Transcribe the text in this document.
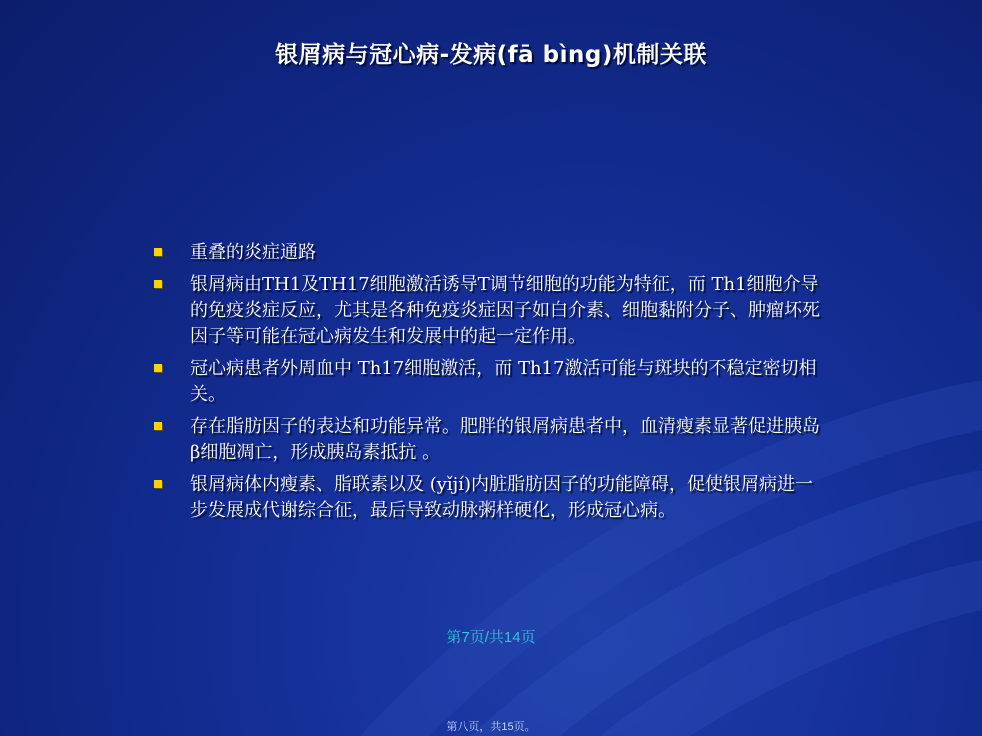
银屑病与冠心病-发病(fā bìng)机制关联
重叠的炎症通路
银屑病由TH1及TH17细胞激活诱导T调节细胞的功能为特征，而 Th1细胞介导的免疫炎症反应，尤其是各种免疫炎症因子如白介素、细胞黏附分子、肿瘤坏死因子等可能在冠心病发生和发展中的起一定作用。
冠心病患者外周血中 Th17细胞激活，而 Th17激活可能与斑块的不稳定密切相关。
存在脂肪因子的表达和功能异常。肥胖的银屑病患者中，血清瘦素显著促进胰岛β细胞凋亡，形成胰岛素抵抗 。
银屑病体内瘦素、脂联素以及 (yǐjí)内脏脂肪因子的功能障碍，促使银屑病进一步发展成代谢综合征，最后导致动脉粥样硬化，形成冠心病。
第7页/共14页
第八页，共15页。
